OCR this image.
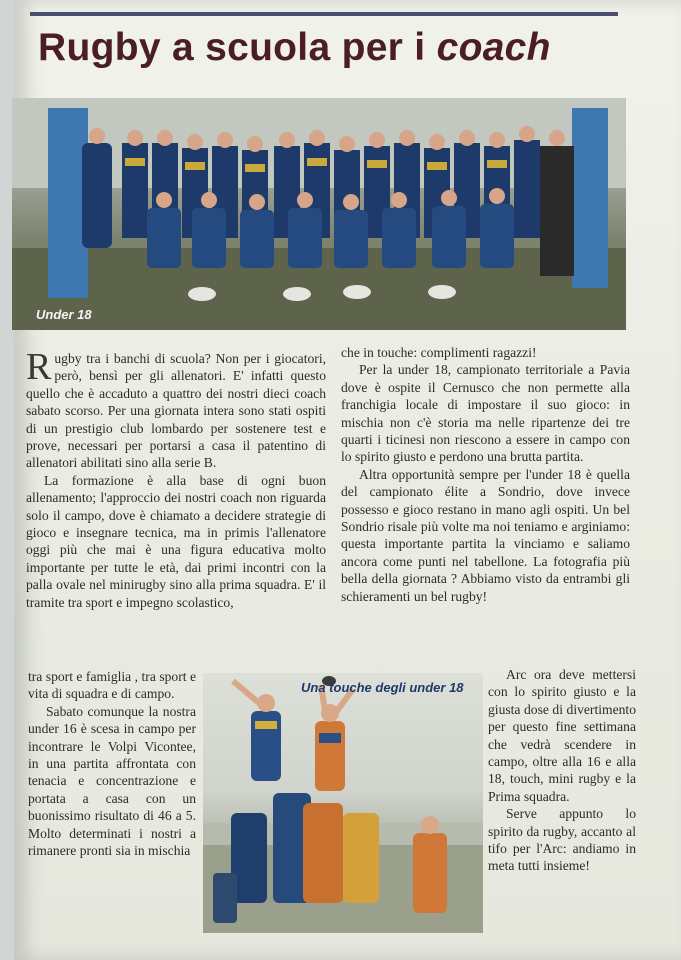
Rugby a scuola per i coach
Under 18

Rugby tra i banchi di scuola? Non per i giocatori, però, bensì per gli allenatori. E' infatti questo quello che è accaduto a quattro dei nostri dieci coach sabato scorso. Per una giornata intera sono stati ospiti di un prestigio club lombardo per sostenere test e prove, necessari per portarsi a casa il patentino di allenatori abilitati sino alla serie B.

La formazione è alla base di ogni buon allenamento; l'approccio dei nostri coach non riguarda solo il campo, dove è chiamato a decidere strategie di gioco e insegnare tecnica, ma in primis l'allenatore oggi più che mai è una figura educativa molto importante per tutte le età, dai primi incontri con la palla ovale nel minirugby sino alla prima squadra. E' il tramite tra sport e impegno scolastico,

tra sport e famiglia , tra sport e vita di squadra e di campo.

Sabato comunque la nostra under 16 è scesa in campo per incontrare le Volpi Vicontee, in una partita affrontata con tenacia e concentrazione e portata a casa con un buonissimo risultato di 46 a 5. Molto determinati i nostri a rimanere pronti sia in mischia

Una touche degli under 18

che in touche: complimenti ragazzi!

Per la under 18, campionato territoriale a Pavia dove è ospite il Cernusco che non permette alla franchigia locale di impostare il suo gioco: in mischia non c'è storia ma nelle ripartenze dei tre quarti i ticinesi non riescono a essere in campo con lo spirito giusto e perdono una brutta partita.

Altra opportunità sempre per l'under 18 è quella del campionato élite a Sondrio, dove invece possesso e gioco restano in mano agli ospiti. Un bel Sondrio risale più volte ma noi teniamo e arginiamo: questa importante partita la vinciamo e saliamo ancora come punti nel tabellone. La fotografia più bella della giornata ? Abbiamo visto da entrambi gli schieramenti un bel rugby!

Arc ora deve mettersi con lo spirito giusto e la giusta dose di divertimento per questo fine settimana che vedrà scendere in campo, oltre alla 16 e alla 18, touch, mini rugby e la Prima squadra.

Serve appunto lo spirito da rugby, accanto al tifo per l'Arc: andiamo in meta tutti insieme!
